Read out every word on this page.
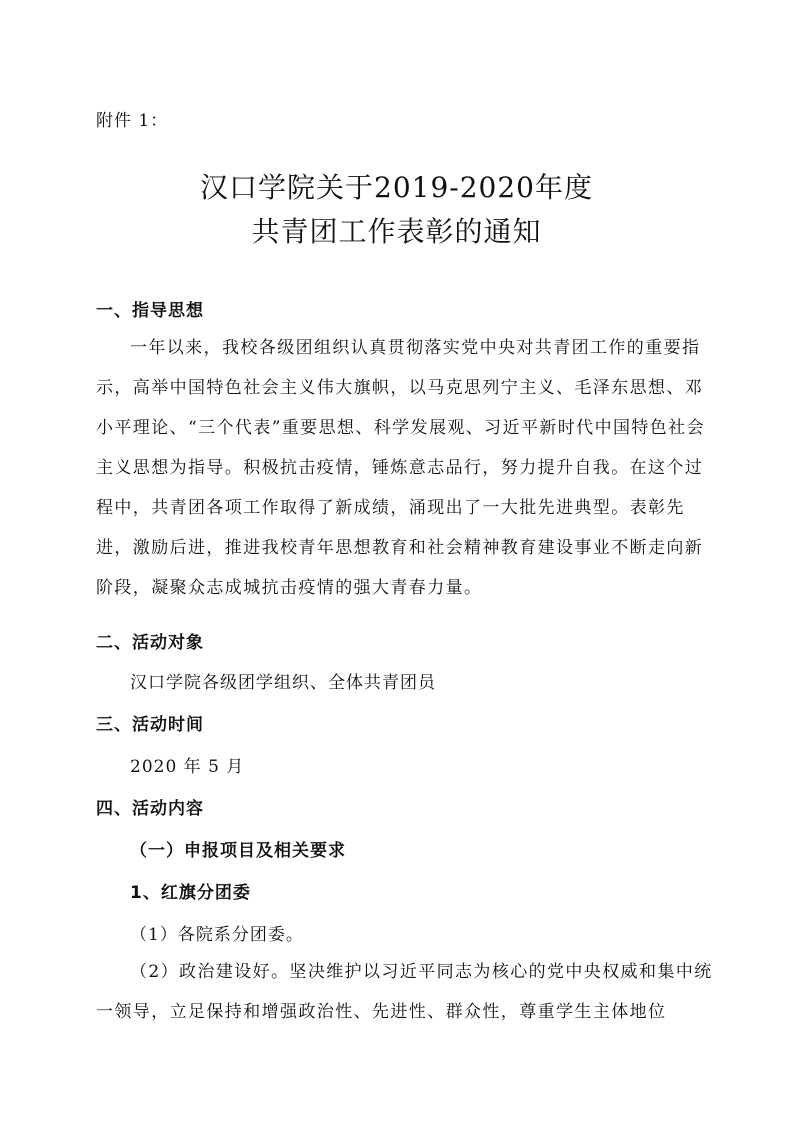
附件 1：
汉口学院关于2019-2020年度
共青团工作表彰的通知
一、指导思想

一年以来，我校各级团组织认真贯彻落实党中央对共青团工作的重要指示，高举中国特色社会主义伟大旗帜，以马克思列宁主义、毛泽东思想、邓小平理论、“三个代表”重要思想、科学发展观、习近平新时代中国特色社会主义思想为指导。积极抗击疫情，锤炼意志品行，努力提升自我。在这个过程中，共青团各项工作取得了新成绩，涌现出了一大批先进典型。表彰先进，激励后进，推进我校青年思想教育和社会精神教育建设事业不断走向新阶段，凝聚众志成城抗击疫情的强大青春力量。

二、活动对象
汉口学院各级团学组织、全体共青团员
三、活动时间
2020 年 5 月
四、活动内容
（一）申报项目及相关要求
1、红旗分团委
（1）各院系分团委。

（2）政治建设好。坚决维护以习近平同志为核心的党中央权威和集中统一领导，立足保持和增强政治性、先进性、群众性，尊重学生主体地位
